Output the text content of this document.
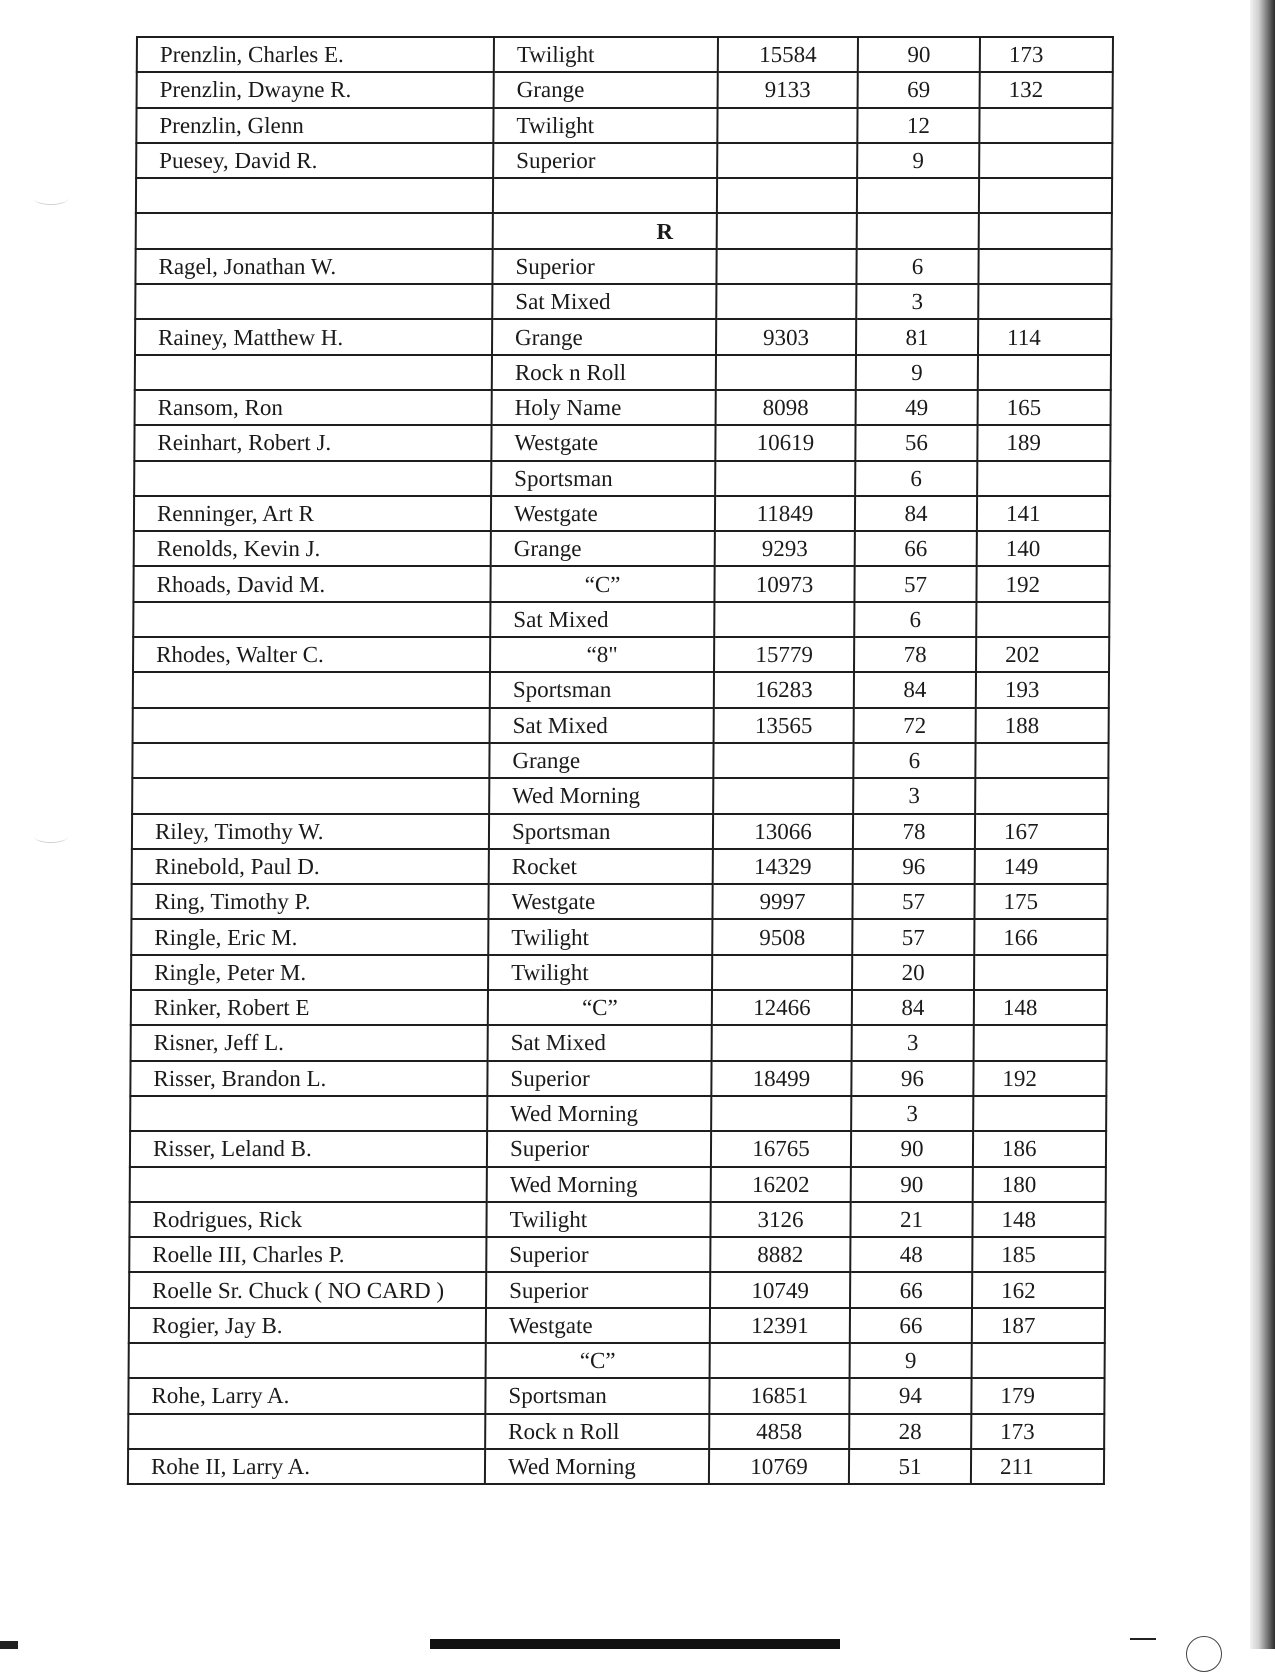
Prenzlin, Charles E.	Twilight	15584	90	173
Prenzlin, Dwayne R.	Grange	9133	69	132
Prenzlin, Glenn	Twilight		12	
Puesey, David R.	Superior		9	

	R			
Ragel, Jonathan W.	Superior		6	
	Sat Mixed		3	
Rainey, Matthew H.	Grange	9303	81	114
	Rock n Roll		9	
Ransom, Ron	Holy Name	8098	49	165
Reinhart, Robert J.	Westgate	10619	56	189
	Sportsman		6	
Renninger, Art R	Westgate	11849	84	141
Renolds, Kevin J.	Grange	9293	66	140
Rhoads, David M.	“C”	10973	57	192
	Sat Mixed		6	
Rhodes, Walter C.	“8"	15779	78	202
	Sportsman	16283	84	193
	Sat Mixed	13565	72	188
	Grange		6	
	Wed Morning		3	
Riley, Timothy W.	Sportsman	13066	78	167
Rinebold, Paul D.	Rocket	14329	96	149
Ring, Timothy P.	Westgate	9997	57	175
Ringle, Eric M.	Twilight	9508	57	166
Ringle, Peter M.	Twilight		20	
Rinker, Robert E	“C”	12466	84	148
Risner, Jeff L.	Sat Mixed		3	
Risser, Brandon L.	Superior	18499	96	192
	Wed Morning		3	
Risser, Leland B.	Superior	16765	90	186
	Wed Morning	16202	90	180
Rodrigues, Rick	Twilight	3126	21	148
Roelle III, Charles P.	Superior	8882	48	185
Roelle Sr. Chuck ( NO CARD )	Superior	10749	66	162
Rogier, Jay B.	Westgate	12391	66	187
	“C”		9	
Rohe, Larry A.	Sportsman	16851	94	179
	Rock n Roll	4858	28	173
Rohe II, Larry A.	Wed Morning	10769	51	211
